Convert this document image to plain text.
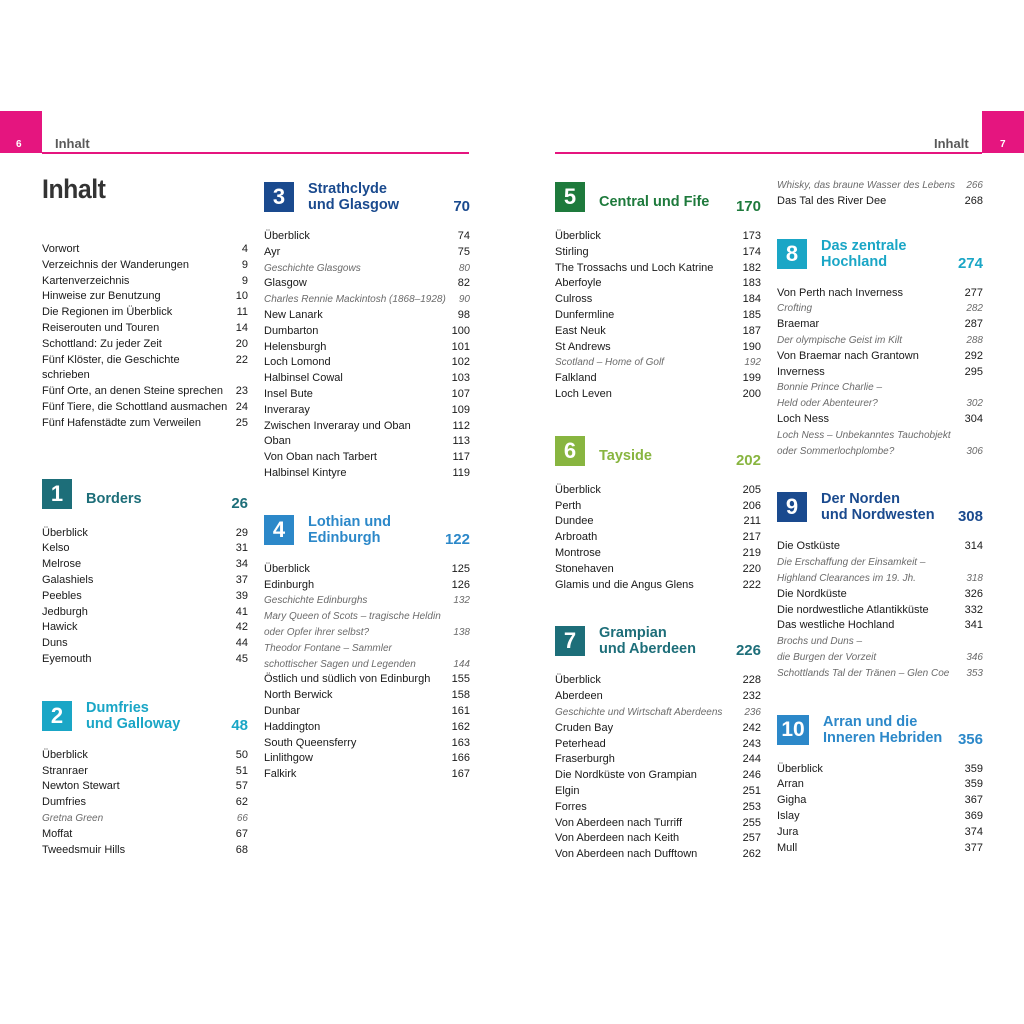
6	Inhalt	7
Inhalt
Inhalt
Vorwort	4
Verzeichnis der Wanderungen	9
Kartenverzeichnis	9
Hinweise zur Benutzung	10
Die Regionen im Überblick	11
Reiserouten und Touren	14
Schottland: Zu jeder Zeit	20
Fünf Klöster, die Geschichte schrieben
22
Fünf Orte, an denen Steine sprechen	23
Fünf Tiere, die Schottland ausmachen 24
Fünf Hafenstädte zum Verweilen	25
1	Borders	26
Überblick	29
Kelso	31
Melrose	34
Galashiels	37
Peebles	39
Jedburgh	41
Hawick	42
Duns	44
Eyemouth	45
2	Dumfries
und Galloway	48
Überblick	50
Stranraer	51
Newton Stewart	57
Dumfries	62
Gretna Green	66
Moffat	67
Tweedsmuir Hills	68
3	Strathclyde
und Glasgow	70
Überblick	74
Ayr	75
Geschichte Glasgows	80
Glasgow	82
Charles Rennie Mackintosh (1868–1928)	90
New Lanark	98
Dumbarton	100
Helensburgh	101
Loch Lomond	102
Halbinsel Cowal	103
Insel Bute	107
Inveraray	109
Zwischen Inveraray und Oban	112
Oban	113
Von Oban nach Tarbert	117
Halbinsel Kintyre	119
4	Lothian und
Edinburgh	122
Überblick	125
Edinburgh	126
Geschichte Edinburghs	132
Mary Queen of Scots – tragische Heldin
oder Opfer ihrer selbst?	138
Theodor Fontane – Sammler
schottischer Sagen und Legenden	144
Östlich und südlich von Edinburgh	155
North Berwick	158
Dunbar	161
Haddington	162
South Queensferry	163
Linlithgow	166
Falkirk	167
5	Central und Fife	170
Überblick	173
Stirling	174
The Trossachs und Loch Katrine	182
Aberfoyle	183
Culross	184
Dunfermline	185
East Neuk	187
St Andrews	190
Scotland – Home of Golf	192
Falkland	199
Loch Leven	200
6	Tayside	202
Überblick	205
Perth	206
Dundee	211
Arbroath	217
Montrose	219
Stonehaven	220
Glamis und die Angus Glens	222
7	Grampian
und Aberdeen	226
Überblick	228
Aberdeen	232
Geschichte und Wirtschaft Aberdeens	236
Cruden Bay	242
Peterhead	243
Fraserburgh	244
Die Nordküste von Grampian	246
Elgin	251
Forres	253
Von Aberdeen nach Turriff	255
Von Aberdeen nach Keith	257
Von Aberdeen nach Dufftown	262
Whisky, das braune Wasser des Lebens	266
Das Tal des River Dee	268
8	Das zentrale
Hochland	274
Von Perth nach Inverness	277
Crofting	282
Braemar	287
Der olympische Geist im Kilt	288
Von Braemar nach Grantown	292
Inverness	295
Bonnie Prince Charlie –
Held oder Abenteurer?	302
Loch Ness	304
Loch Ness – Unbekanntes Tauchobjekt
oder Sommerlochplombe?	306
9	Der Norden
und Nordwesten	308
Die Ostküste	314
Die Erschaffung der Einsamkeit –
Highland Clearances im 19. Jh.	318
Die Nordküste	326
Die nordwestliche Atlantikküste	332
Das westliche Hochland	341
Brochs und Duns –
die Burgen der Vorzeit	346
Schottlands Tal der Tränen – Glen Coe	353
10	Arran und die
Inneren Hebriden	356
Überblick	359
Arran	359
Gigha	367
Islay	369
Jura	374
Mull	377
